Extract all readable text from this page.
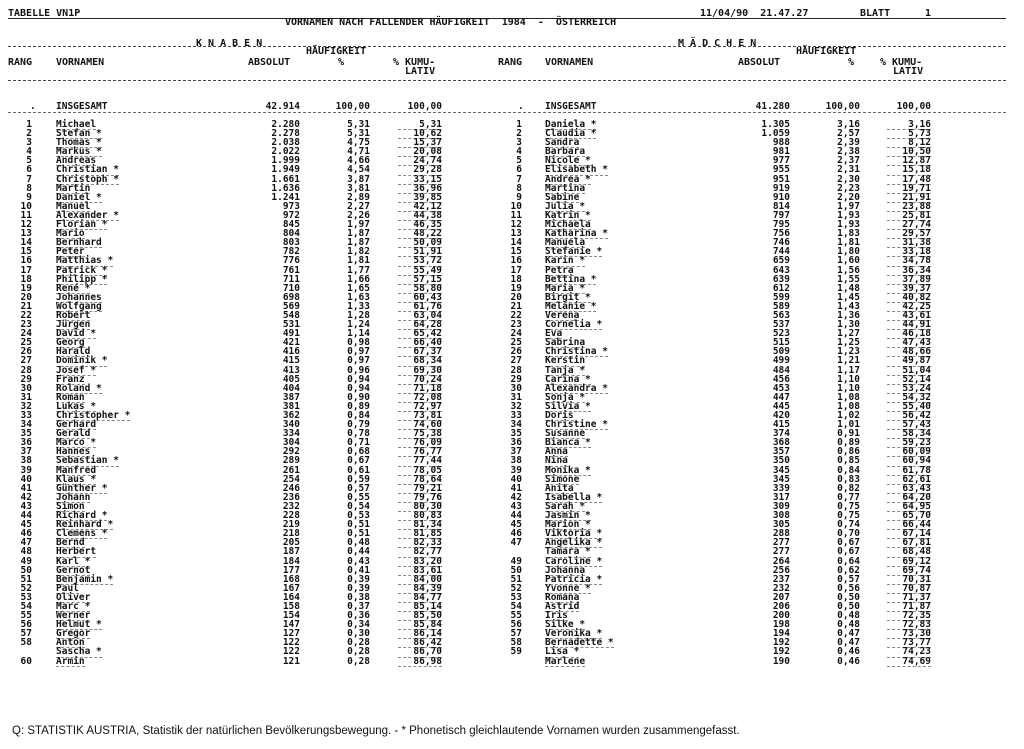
TABELLE VN1P	11/04/90  21.47.27	BLATT	1
VORNAMEN NACH FALLENDER HÄUFIGKEIT  1984  -  ÖSTERREICH
K N A B E N	M Ä D C H E N
HÄUFIGKEIT
RANG VORNAMEN	ABSOLUT	%	% KUMU-
LATIV
HÄUFIGKEIT
RANG VORNAMEN	ABSOLUT	%	% KUMU-
LATIV
. INSGESAMT	42.914	100,00	100,00	. INSGESAMT	41.280	100,00	100,00
1	Michael	2.280	5,31	5,31
2	Stefan *	2.278	5,31	10,62
3	Thomas *	2.038	4,75	15,37
4	Markus *	2.022	4,71	20,08
5	Andreas	1.999	4,66	24,74
6	Christian *	1.949	4,54	29,28
7	Christoph *	1.661	3,87	33,15
8	Martin	1.636	3,81	36,96
9	Daniel *	1.241	2,89	39,85
10	Manuel	973	2,27	42,12
11	Alexander *	972	2,26	44,38
12	Florian *	845	1,97	46,35
13	Mario	804	1,87	48,22
14	Bernhard	803	1,87	50,09
15	Peter	782	1,82	51,91
16	Matthias *	776	1,81	53,72
17	Patrick *	761	1,77	55,49
18	Philipp *	711	1,66	57,15
19	René *	710	1,65	58,80
20	Johannes	698	1,63	60,43
21	Wolfgang	569	1,33	61,76
22	Robert	548	1,28	63,04
23	Jürgen	531	1,24	64,28
24	David *	491	1,14	65,42
25	Georg	421	0,98	66,40
26	Harald	416	0,97	67,37
27	Dominik *	415	0,97	68,34
28	Josef *	413	0,96	69,30
29	Franz	405	0,94	70,24
30	Roland *	404	0,94	71,18
31	Roman	387	0,90	72,08
32	Lukas *	381	0,89	72,97
33	Christopher *	362	0,84	73,81
34	Gerhard	340	0,79	74,60
35	Gerald	334	0,78	75,38
36	Marco *	304	0,71	76,09
37	Hannes	292	0,68	76,77
38	Sebastian *	289	0,67	77,44
39	Manfred	261	0,61	78,05
40	Klaus *	254	0,59	78,64
41	Günther *	246	0,57	79,21
42	Johann	236	0,55	79,76
43	Simon	232	0,54	80,30
44	Richard *	228	0,53	80,83
45	Reinhard *	219	0,51	81,34
46	Clemens *	218	0,51	81,85
47	Bernd	205	0,48	82,33
48	Herbert	187	0,44	82,77
49	Karl *	184	0,43	83,20
50	Gernot	177	0,41	83,61
51	Benjamin *	168	0,39	84,00
52	Paul	167	0,39	84,39
53	Oliver	164	0,38	84,77
54	Marc *	158	0,37	85,14
55	Werner	154	0,36	85,50
56	Helmut *	147	0,34	85,84
57	Gregor	127	0,30	86,14
58	Anton	122	0,28	86,42
Sascha *	122	0,28	86,70
60	Armin	121	0,28	86,98
1 Daniela *	1.305	3,16	3,16
2 Claudia *	1.059	2,57	5,73
3 Sandra	988	2,39	8,12
4 Barbara	981	2,38	10,50
5 Nicole *	977	2,37	12,87
6 Elisabeth *	955	2,31	15,18
7 Andrea *	951	2,30	17,48
8 Martina	919	2,23	19,71
9 Sabine	910	2,20	21,91
10 Julia *	814	1,97	23,88
11 Katrin *	797	1,93	25,81
12 Michaela	795	1,93	27,74
13 Katharina *	756	1,83	29,57
14 Manuela	746	1,81	31,38
15 Stefanie *	744	1,80	33,18
16 Karin *	659	1,60	34,78
17 Petra	643	1,56	36,34
18 Bettina *	639	1,55	37,89
19 Maria *	612	1,48	39,37
20 Birgit *	599	1,45	40,82
21 Melanie *	589	1,43	42,25
22 Verena	563	1,36	43,61
23 Cornelia *	537	1,30	44,91
24 Eva	523	1,27	46,18
25 Sabrina	515	1,25	47,43
26 Christina *	509	1,23	48,66
27 Kerstin	499	1,21	49,87
28 Tanja *	484	1,17	51,04
29 Carina *	456	1,10	52,14
30 Alexandra *	453	1,10	53,24
31 Sonja *	447	1,08	54,32
32 Silvia *	445	1,08	55,40
33 Doris	420	1,02	56,42
34 Christine *	415	1,01	57,43
35 Susanne	374	0,91	58,34
36 Bianca *	368	0,89	59,23
37 Anna	357	0,86	60,09
38 Nina	350	0,85	60,94
39 Monika *	345	0,84	61,78
40 Simone	345	0,83	62,61
41 Anita	339	0,82	63,43
42 Isabella *	317	0,77	64,20
43 Sarah *	309	0,75	64,95
44 Jasmin *	308	0,75	65,70
45 Marion *	305	0,74	66,44
46 Viktoria *	288	0,70	67,14
47 Angelika *	277	0,67	67,81
Tamara *	277	0,67	68,48
49 Caroline *	264	0,64	69,12
50 Johanna	256	0,62	69,74
51 Patricia *	237	0,57	70,31
52 Yvonne *	232	0,56	70,87
53 Romana	207	0,50	71,37
54 Astrid	206	0,50	71,87
55 Iris	200	0,48	72,35
56 Silke *	198	0,48	72,83
57 Veronika *	194	0,47	73,30
58 Bernadette *	192	0,47	73,77
59 Lisa *	192	0,46	74,23
Marlene	190	0,46	74,69
Q: STATISTIK AUSTRIA, Statistik der natürlichen Bevölkerungsbewegung. - * Phonetisch gleichlautende Vornamen wurden zusammengefasst.
